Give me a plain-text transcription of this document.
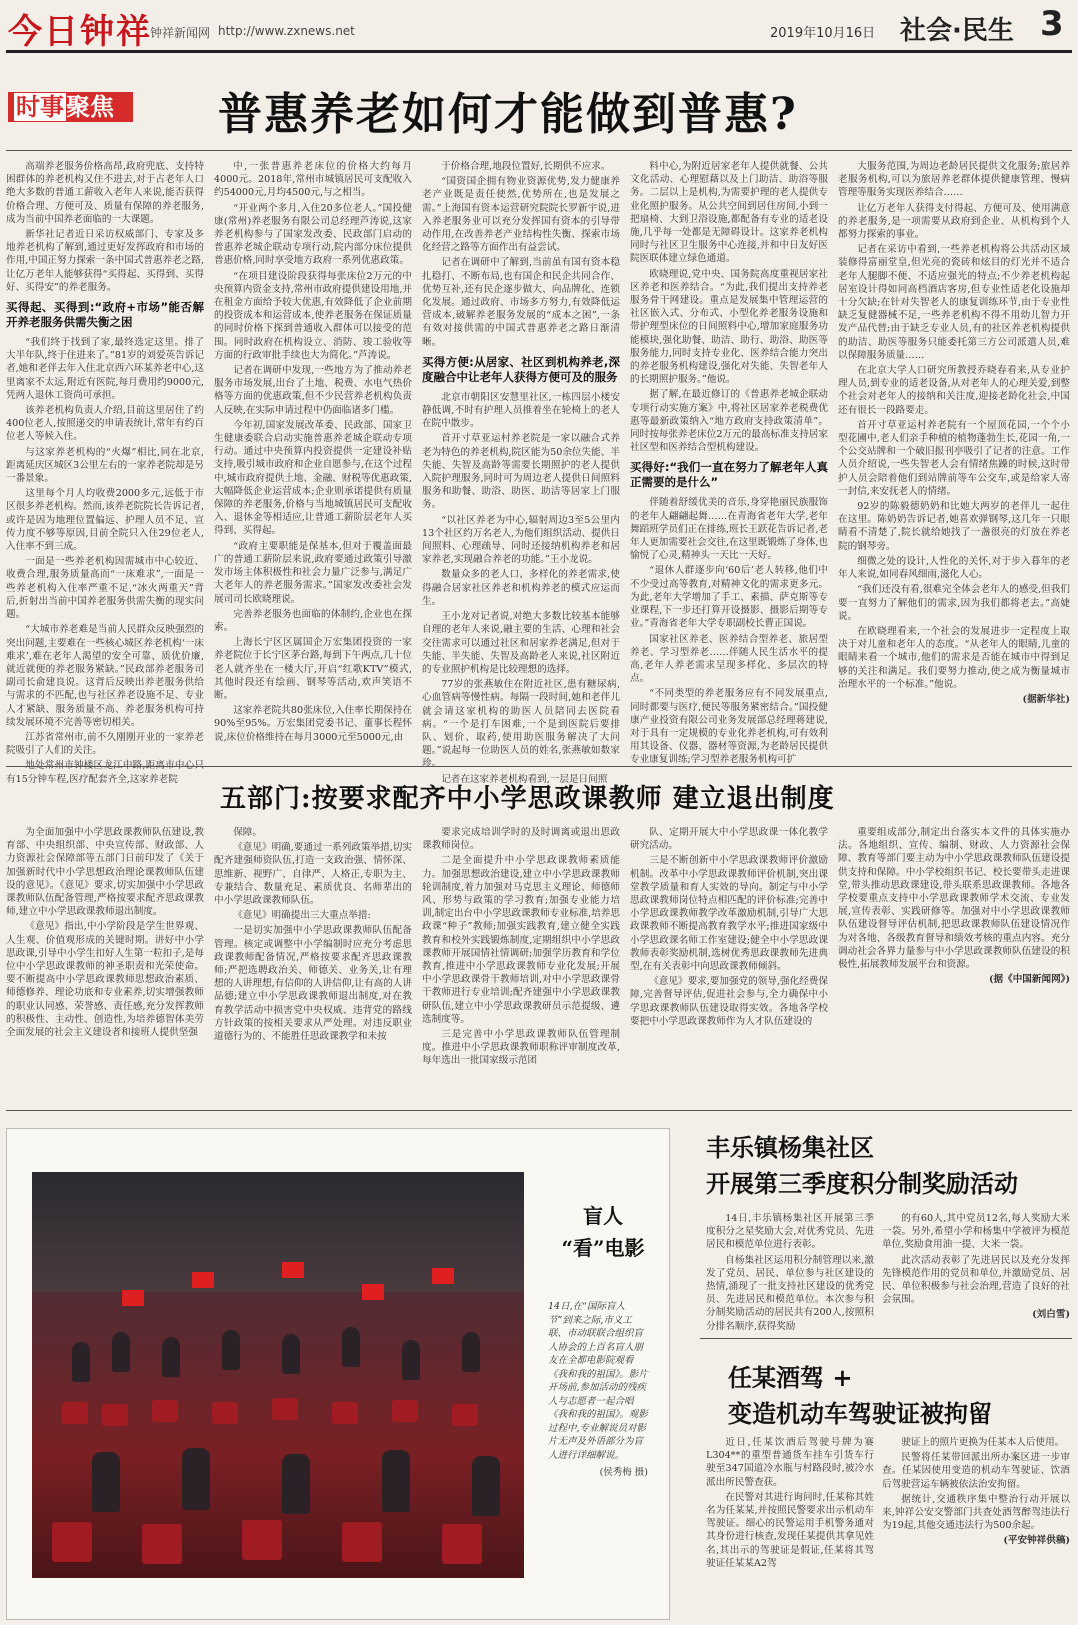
今日钟祥
钟祥新闻网 http://www.zxnews.net	2019年10月16日 社会·民生 3
时事聚焦	普惠养老如何才能做到普惠?

高端养老服务价格高昂,政府兜底、支持特困群体的养老机构又住不进去,对于占老年人口绝大多数的普通工薪收入老年人来说,能否获得价格合理、方便可及、质量有保障的养老服务,成为当前中国养老面临的一大课题。

新华社记者近日采访权威部门、专家及多地养老机构了解到,通过更好发挥政府和市场的作用,中国正努力探索一条中国式普惠养老之路,让亿万老年人能够获得“买得起、买得到、买得好、买得安”的养老服务。

买得起、买得到:“政府+市场”能否解开养老服务供需失衡之困

“我们终于找到了家,最终选定这里。排了大半年队,终于住进来了。”81岁的刘爱英告诉记者,她和老伴去年入住北京西六环某养老中心,这里离家不太远,附近有医院,每月费用约9000元,凭两人退休工资尚可承担。

该养老机构负责人介绍,目前这里居住了约400位老人,按照递交的申请表统计,常年有约百位老人等候入住。

与这家养老机构的“火爆”相比,同在北京,距离延庆区城区3公里左右的一家养老院却是另一番景象。

这里每个月人均收费2000多元,远低于市区很多养老机构。然而,该养老院院长告诉记者,或许是因为地理位置偏远、护理人员不足、宣传力度不够等原因,目前全院只入住29位老人,入住率不到三成。

一面是一些养老机构因需城市中心较近、收费合理,服务质量高而“一床难求”,一面是一些养老机构入住率严重不足,“冰火两重天”背后,折射出当前中国养老服务供需失衡的现实问题。

“大城市养老难是当前人民群众反映强烈的突出问题,主要难在一些核心城区养老机构‘一床难求’,难在老年人渴望的安全可靠、质优价廉,就近就便的养老服务紧缺。”民政部养老服务司副司长俞建良说。这背后反映出养老服务供给与需求的不匹配,也与社区养老设施不足、专业人才紧缺、服务质量不高、养老服务机构可持续发展环境不完善等密切相关。

江苏省常州市,前不久刚刚开业的一家养老院吸引了人们的关注。

地处常州市钟楼区龙江中路,距离市中心只有15分钟车程,医疗配套齐全,这家养老院

中,一张普惠养老床位的价格大约每月4000元。2018年,常州市城镇居民可支配收入约54000元,月均4500元,与之相当。

“开业两个多月,入住20多位老人。”国投健康(常州)养老服务有限公司总经理芦涛说,这家养老机构参与了国家发改委、民政部门启动的普惠养老城企联动专项行动,院内部分床位提供普惠价格,同时享受地方政府一系列优惠政策。

“在项目建设阶段获得每张床位2万元的中央预算内资金支持,常州市政府提供建设用地,并在租金方面给予较大优惠,有效降低了企业前期的投资成本和运营成本,使养老服务在保证质量的同时价格下探到普通收入群体可以接受的范围。同时政府在机构设立、消防、竣工验收等方面的行政审批手续也大为简化。”芦涛说。

记者在调研中发现,一些地方为了推动养老服务市场发展,出台了土地、税费、水电气热价格等方面的优惠政策,但不少民营养老机构负责人反映,在实际申请过程中仍面临诸多门槛。

今年初,国家发展改革委、民政部、国家卫生健康委联合启动实施普惠养老城企联动专项行动。通过中央预算内投资提供一定建设补贴支持,吸引城市政府和企业自愿参与,在这个过程中,城市政府提供土地、金融、财税等优惠政策,大幅降低企业运营成本;企业则承诺提供有质量保障的养老服务,价格与当地城镇居民可支配收入、退休金等相适应,让普通工薪阶层老年人买得到、买得起。

“政府主要职能是保基本,但对于覆盖面最广的普通工薪阶层来说,政府要通过政策引导激发市场主体积极性和社会力量广泛参与,满足广大老年人的养老服务需求。”国家发改委社会发展司司长欧晓理说。

完善养老服务也面临的体制约,企业也在探索。

上海长宁区区属国企万宏集团投资的一家养老院位于长宁区茅台路,每到下午两点,几十位老人就齐坐在一楼大厅,开启“红歌KTV”模式,其他时段还有绘画、钢琴等活动,欢声笑语不断。

这家养老院共80张床位,入住率长期保持在90%至95%。万宏集团党委书记、董事长程怀说,床位价格维持在每月3000元至5000元,由

于价格合理,地段位置好,长期供不应求。

“国资国企拥有物业资源优势,发力健康养老产业既是责任使然,优势所在,也是发展之需。”上海国有资本运营研究院院长罗新宇说,进入养老服务业可以充分发挥国有资本的引导带动作用,在改善养老产业结构性失衡、探索市场化经营之路等方面作出有益尝试。

记者在调研中了解到,当前虽有国有资本稳扎稳打、不断布局,也有国企和民企共同合作、优势互补,还有民企逐步做大、向品牌化、连锁化发展。通过政府、市场多方努力,有效降低运营成本,破解养老服务发展的“成本之困”,一条有效对接供需的中国式普惠养老之路日渐清晰。

买得方便:从居家、社区到机构养老,深度融合中让老年人获得方便可及的服务

北京市朝阳区安慧里社区,一栋四层小楼安静低调,不时有护理人员推着坐在轮椅上的老人在院中散步。

首开寸草亚运村养老院是一家以融合式养老为特色的养老机构,院区能为50余位失能、半失能、失智及高龄等需要长期照护的老人提供入院护理服务,同时可为周边老人提供日间照料服务和助餐、助浴、助医、助洁等居家上门服务。

“以社区养老为中心,辐射周边3至5公里内13个社区约万名老人,为他们组织活动、提供日间照料、心理疏导、同时还接纳机构养老和居家养老,实现融合养老的功能。”王小龙说。

数量众多的老人口、多样化的养老需求,使得融合居家社区养老和机构养老的模式应运而生。

王小龙对记者说,对绝大多数比较基本能够自理的老年人来说,融主要的生活、心理和社会交往需求可以通过社区和居家养老满足,但对于失能、半失能、失智及高龄老人来说,社区附近的专业照护机构是比较理想的选择。

77岁的张燕敏住在附近社区,患有糖尿病,心血管病等慢性病。每隔一段时间,她和老伴儿就会请这家机构的助医人员陪同去医院看病。“一个是打车困难,一个是到医院后要排队、划价、取药,使用助医服务解决了大问题。”说起每一位助医人员的姓名,张燕敏如数家珍。

记者在这家养老机构看到,一层是日间照

料中心,为附近居家老年人提供就餐、公共文化活动、心理慰藉以及上门助洁、助浴等服务。二层以上是机构,为需要护理的老人提供专业化照护服务。从公共空间到居住房间,小到一把扇椅、大到卫浴设施,都配备有专业的适老设施,几乎每一处都是无障碍设计。这家养老机构同时与社区卫生服务中心连接,并和中日友好医院医联体建立绿色通道。

欧晓理说,党中央、国务院高度重视居家社区养老和医养结合。“为此,我们提出支持养老服务骨干网建设。重点是发展集中管理运营的社区嵌入式、分布式、小型化养老服务设施和带护理型床位的日间照料中心,增加家庭服务功能模块,强化助餐、助洁、助行、助浴、助医等服务能力,同时支持专业化、医养结合能力突出的养老服务机构建设,强化对失能、失智老年人的长期照护服务。”他说。

据了解,在最近修订的《普惠养老城企联动专项行动实施方案》中,将社区居家养老税费优惠等最新政策纳入“地方政府支持政策清单”。同时按每张养老床位2万元的最高标准支持居家社区型和医养结合型机构建设。

买得好:“我们一直在努力了解老年人真正需要的是什么”

伴随着舒缓优美的音乐,身穿艳丽民族服饰的老年人翩翩起舞……在青海省老年大学,老年舞蹈班学员们正在排练,班长王跃花告诉记者,老年人更加需要社会交往,在这里既锻炼了身体,也愉悦了心灵,精神头一天比一天好。

“退休人群逐步向‘60后’老人转移,他们中不少受过高等教育,对精神文化的需求更多元。为此,老年大学增加了手工、素描、萨克斯等专业课程,下一步还打算开设摄影、摄影后期等专业。”青海省老年大学专职副校长曹正国说。

国家社区养老、医养结合型养老、旅居型养老、学习型养老……伴随人民生活水平的提高,老年人养老需求呈现多样化、多层次的特点。

“不同类型的养老服务应有不同发展重点,同时都要与医疗,便民等服务紧密结合。”国投健康产业投资有限公司业务发展部总经理蒋建说,对于具有一定规模的专业化养老机构,可有效利用其设备、仪器、器材等资源,为老龄居民提供专业康复训练;学习型养老服务机构可扩

大服务范围,为周边老龄居民提供文化服务;旅居养老服务机构,可以为旅居养老群体提供健康管理、慢病管理等服务实现医养结合……

让亿万老年人获得支付得起、方便可及、使用满意的养老服务,是一项需要从政府到企业、从机构到个人都努力探索的事业。

记者在采访中看到,一些养老机构将公共活动区域装修得富丽堂皇,但光亮的瓷砖和炫目的灯光并不适合老年人腿脚不便、不适应强光的特点;不少养老机构起居室设计得如同高档酒店客房,但专业性适老化设施却十分欠缺;在针对失智老人的康复训练环节,由于专业性缺乏复健器械不足,一些养老机构不得不用幼儿智力开发产品代替;由于缺乏专业人员,有的社区养老机构提供的助洁、助医等服务只能委托第三方公司派遣人员,难以保障服务质量……

在北京大学人口研究所教授乔晓春看来,从专业护理人员,到专业的适老设备,从对老年人的心理关爱,到整个社会对老年人的接纳和关注度,迎接老龄化社会,中国还有很长一段路要走。

首开寸草亚运村养老院有一个屋顶花园,一个个小型花圃中,老人们亲手种植的植物蓬勃生长,花园一角,一个公交站牌和一个破旧报刊亭吸引了记者的注意。工作人员介绍说,一些失智老人会有情绪焦躁的时候,这时带护人员会陪着他们到站牌前等车公交车,或是给家人寄一封信,来安抚老人的情绪。

92岁的陈毅德奶奶和比她大两岁的老伴儿一起住在这里。陈奶奶告诉记者,她喜欢弹钢琴,这几年一只眼睛看不清楚了,院长就给她找了一盏很亮的灯放在养老院的钢琴旁。

细微之处的设计,人性化的关怀,对于步入暮年的老年人来说,如同春风细雨,滋化人心。

“我们还没有看,很难完全体会老年人的感受,但我们要一直努力了解他们的需求,因为我们都将老去。”高婕说。

在欧晓理看来,一个社会的发展进步一定程度上取决于对儿童和老年人的态度。“从老年人的眼睛,儿童的眼睛来看一个城市,他们的需求是否能在城市中得到足够的关注和满足。我们要努力推动,使之成为衡量城市治理水平的一个标准。”他说。

(据新华社)

五部门:按要求配齐中小学思政课教师 建立退出制度

为全面加强中小学思政课教师队伍建设,教育部、中央组织部、中央宣传部、财政部、人力资源社会保障部等五部门日前印发了《关于加强新时代中小学思想政治理论课教师队伍建设的意见》。《意见》要求,切实加强中小学思政课教师队伍配备管理,严格按要求配齐思政课教师,建立中小学思政课教师退出制度。

《意见》指出,中小学阶段是学生世界观、人生观、价值观形成的关键时期。讲好中小学思政课,引导中小学生扣好人生第一粒扣子,是每位中小学思政课教师的神圣职责和光荣使命。要不断提高中小学思政课教师思想政治素质、师德修养、理论功底和专业素养,切实增强教师的职业认同感、荣誉感、责任感,充分发挥教师的积极性、主动性、创造性,为培养德智体美劳全面发展的社会主义建设者和接班人提供坚强

保障。

《意见》明确,要通过一系列政策举措,切实配齐建强师资队伍,打造一支政治强、情怀深、思维新、视野广、自律严、人格正,专职为主、专兼结合、数量充足、素质优良、名师辈出的中小学思政课教师队伍。

《意见》明确提出三大重点举措:

一是切实加强中小学思政课教师队伍配备管理。核定或调整中小学编制时应充分考虑思政课教师配备情况,严格按要求配齐思政课教师;严把选聘政治关、师德关、业务关,让有理想的人讲理想,有信仰的人讲信仰,让有高的人讲品德;建立中小学思政课教师退出制度,对在教育教学活动中损害党中央权威、违背党的路线方针政策的按相关要求从严处理。对违反职业道德行为的、不能胜任思政课教学和未按

要求完成培训学时的及时调离或退出思政课教师岗位。

二是全面提升中小学思政课教师素质能力。加强思想政治建设,建立中小学思政课教师轮训制度,着力加强对马克思主义理论、师德师风、形势与政策的学习教育;加强专业能力培训,制定出台中小学思政课教师专业标准,培养思政课“种子”教师;加强实践教育,建立健全实践教育和校外实践锻炼制度,定期组织中小学思政课教师开展国情社情调研;加强学历教育和学位教育,推进中小学思政课教师专业化发展;开展中小学思政课骨干教师培训,对中小学思政课骨干教师进行专业培训;配齐建强中小学思政课教研队伍,建立中小学思政课教研员示范提级、遴选制度等。

三是完善中小学思政课教师队伍管理制度。推进中小学思政课教师职称评审制度改革,每年选出一批国家级示范团

队、定期开展大中小学思政课一体化教学研究活动。

三是不断创新中小学思政课教师评价激励机制。改革中小学思政课教师评价机制,突出课堂教学质量和育人实效的导向。制定与中小学思政课教师岗位特点相匹配的评价标准;完善中小学思政课教师教学改革激励机制,引导广大思政课教师不断提高教育教学水平;推进国家级中小学思政课名师工作室建设;健全中小学思政课教师表彰奖励机制,选树优秀思政课教师先进典型,在有关表彰中向思政课教师倾斜。

《意见》要求,要加强党的领导,强化经费保障,完善督导评估,促进社会参与,全力确保中小学思政课教师队伍建设取得实效。各地各学校要把中小学思政课教师作为人才队伍建设的

重要组成部分,制定出台落实本文件的具体实施办法。各地组织、宣传、编制、财政、人力资源社会保障、教育等部门要主动为中小学思政课教师队伍建设提供支持和保障。中小学校组织书记、校长要带头走进课堂,带头推动思政课建设,带头联系思政课教师。各地各学校要重点支持中小学思政课教师学术交流、专业发展,宣传表彰、实践研修等。加强对中小学思政课教师队伍建设督导评估机制,把思政课教师队伍建设情况作为对各地、各级教育督导和绩效考核的重点内容。充分调动社会各界力量参与中小学思政课教师队伍建设的积极性,拓展教师发展平台和资源。

(据《中国新闻网》)

盲人
“看”电影
14日,在“国际盲人节”到来之际,市义工联、市动联联合组织盲人协会的上百名盲人朋友在全都电影院观看《我和我的祖国》。影片开场前,参加活动的残疾人与志愿者一起合唱《我和我的祖国》。观影过程中,专业解说员对影片无声及外语部分为盲人进行详细解说。
(侯秀梅 摄)
丰乐镇杨集社区
开展第三季度积分制奖励活动

14日,丰乐镇杨集社区开展第三季度积分之星奖励大会,对优秀党员、先进居民和模范单位进行表彰。

自杨集社区运用积分制管理以来,激发了党员、居民、单位参与社区建设的热情,涌现了一批支持社区建设的优秀党员、先进居民和模范单位。本次参与积分制奖励活动的居民共有200人,按照积分排名顺序,获得奖励

的有60人,其中党员12名,每人奖励大米一袋。另外,希望小学和杨集中学被评为模范单位,奖励食用油一提、大米一袋。

此次活动表彰了先进居民以及充分发挥先锋模范作用的党员和单位,并激励党员、居民、单位积极参与社会治理,营造了良好的社会氛围。

(刘白雪)

任某酒驾 +
变造机动车驾驶证被拘留

近日,任某饮酒后驾驶号牌为赛L304**的重型普通货车挂车引货车行驶至347国道冷水瓶与村路段时,被冷水派出所民警查获。

在民警对其进行询问时,任某称其姓名为任某某,并按照民警要求出示机动车驾驶证。细心的民警运用手机警务通对其身份进行核查,发现任某提供其拿见姓名,其出示的驾驶证是假证,任某将其驾驶证任某某A2驾

驶证上的照片更换为任某本人后使用。

民警将任某带回派出所办案区进一步审查。任某因使用变造的机动车驾驶证、饮酒后驾驶营运车辆被依法治安拘留。

据统计,交通秩序集中整治行动开展以来,钟祥公安交警部门共查处酒驾醉驾违法行为19起,其他交通违法行为500余起。

(平安钟祥供稿)
